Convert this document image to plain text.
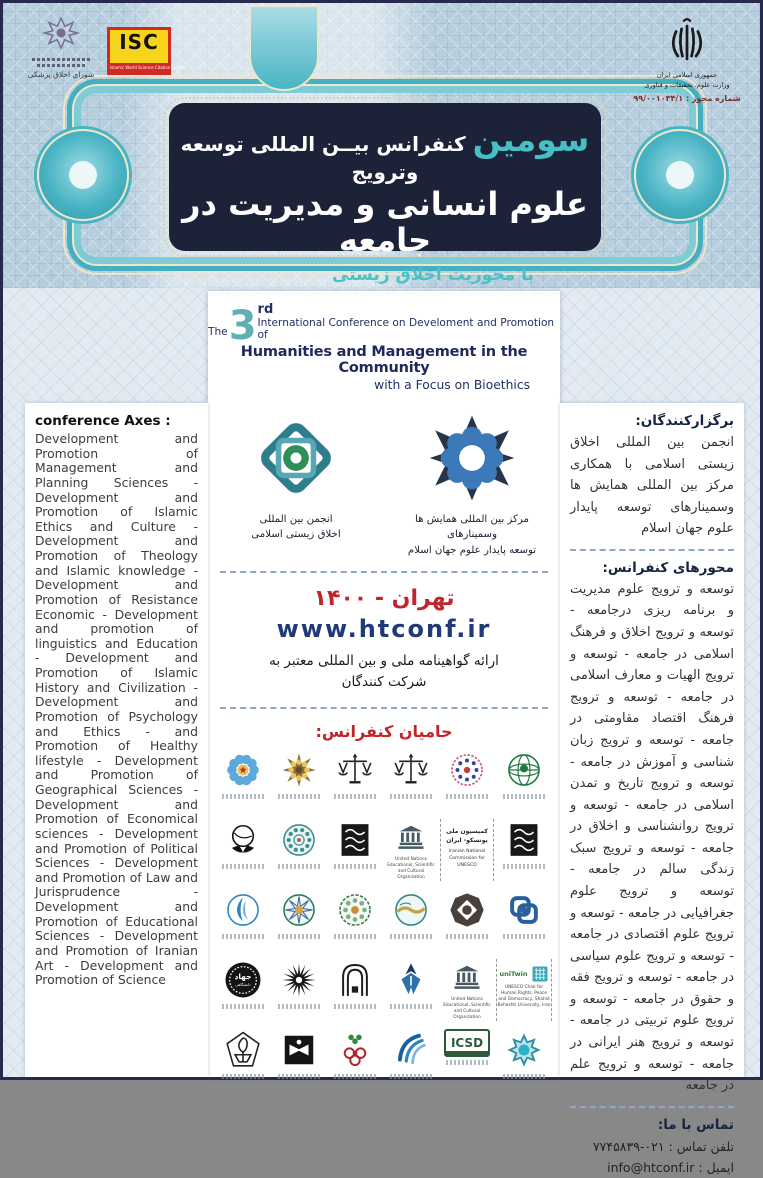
شورای اخلاق پزشکی
ISC
Islamic World Science Citation Center
جمهوری اسلامی ایران
وزارت علوم، تحقیقات و فناوری
شماره مجوز : ۹۹/۰۰۱۰۳۴/۱
سومین کنفرانس بیــن المللی توسعه وترویج
علوم انسانی و مدیریت در جامعه
با محوریت اخلاق زیستی
The 3 rd
International Conference on Develoment and Promotion of
Humanities and Management in the Community
with a Focus on Bioethics
انجمن بین المللی
اخلاق زیستی اسلامی
مرکز بین المللی همایش ها وسمینارهای
توسعه پایدار علوم جهان اسلام
تهران - ۱۴۰۰
www.htconf.ir
ارائه گواهینامه ملی و بین المللی معتبر به
شرکت کنندگان
حامیان کنفرانس:
United Nations Educational, Scientific and Cultural Organization
کمیسیون ملی یونسکو- ایران
Iranian National Commission for UNESCO
جهاد
دانشگاهی
United Nations Educational, Scientific and Cultural Organization
uniTwin
UNESCO Chair for Human Rights, Peace and Democracy, Shahid Beheshti University, Iran
ICSD
conference Axes :
Development and Promotion of Management and Planning Sciences - Development and Promotion of Islamic Ethics and Culture - Development and Promotion of Theology and Islamic knowledge - Development and Promotion of Resistance Economic - Development and promotion of linguistics and Education - Development and Promotion of Islamic History and Civilization - Development and Promotion of Psychology and Ethics - and Promotion of Healthy lifestyle - Development and Promotion of Geographical Sciences - Development and Promotion of Economical sciences - Development and Promotion of Political Sciences - Development and Promotion of Law and Jurisprudence - Development and Promotion of Educational Sciences - Development and Promotion of Iranian Art - Development and Promotion of Science
برگزارکنندگان:
انجمن بین المللی اخلاق زیستی اسلامی با همکاری مرکز بین المللی همایش ها وسمینارهای توسعه پایدار علوم جهان اسلام
محورهای کنفرانس:
توسعه و ترویج علوم مدیریت و برنامه ریزی درجامعه - توسعه و ترویج اخلاق و فرهنگ اسلامی در جامعه - توسعه و ترویج الهیات و معارف اسلامی در جامعه - توسعه و ترویج فرهنگ اقتصاد مقاومتی در جامعه - توسعه و ترویج زبان شناسی و آموزش در جامعه - توسعه و ترویج تاریخ و تمدن اسلامی در جامعه - توسعه و ترویج روانشناسی و اخلاق در جامعه - توسعه و ترویج سبک زندگی سالم در جامعه - توسعه و ترویج علوم جغرافیایی در جامعه - توسعه و ترویج علوم اقتصادی در جامعه - توسعه و ترویج علوم سیاسی در جامعه - توسعه و ترویج فقه و حقوق در جامعه - توسعه و ترویج علوم تربیتی در جامعه - توسعه و ترویج هنر ایرانی در جامعه - توسعه و ترویج علم در جامعه
تماس با ما:
تلفن تماس : ۰۲۱-۷۷۴۵۸۳۹
ایمیل : info@htconf.ir
